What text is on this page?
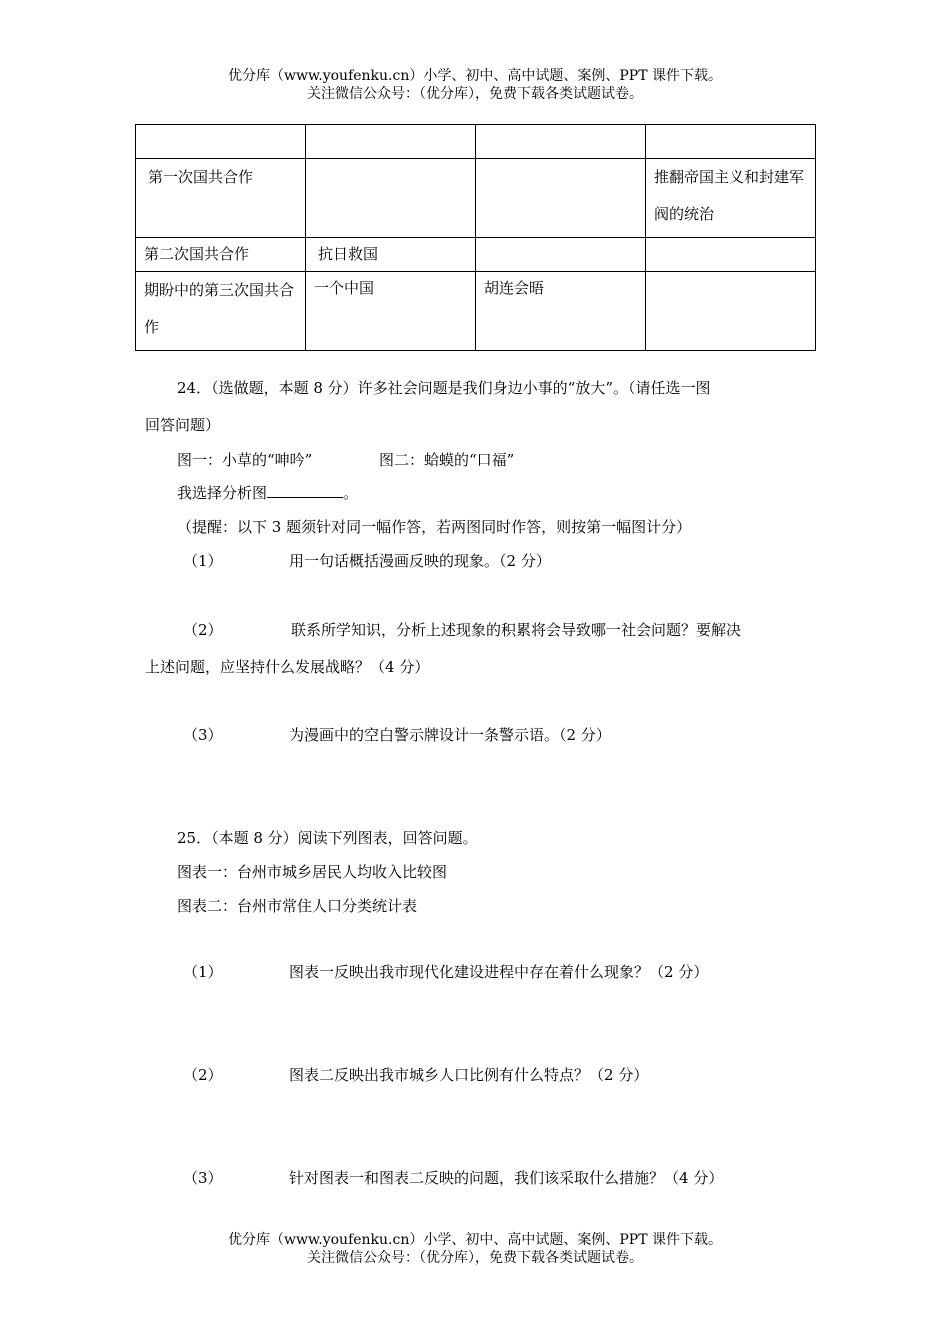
优分库（www.youfenku.cn）小学、初中、高中试题、案例、PPT 课件下载。
关注微信公众号：（优分库），免费下载各类试题试卷。

第一次国共合作			推翻帝国主义和封建军阀的统治
第二次国共合作	抗日救国		
期盼中的第三次国共合作	一个中国	胡连会晤	
24．（选做题，本题 8 分）许多社会问题是我们身边小事的“放大”。（请任选一图
回答问题）
图一：小草的“呻吟”	图二：蛤蟆的“口福”
我选择分析图	。
（提醒：以下 3 题须针对同一幅作答，若两图同时作答，则按第一幅图计分）
（1）	用一句话概括漫画反映的现象。（2 分）
（2）	联系所学知识，分析上述现象的积累将会导致哪一社会问题？要解决
上述问题，应坚持什么发展战略？（4 分）
（3）	为漫画中的空白警示牌设计一条警示语。（2 分）
25．（本题 8 分）阅读下列图表，回答问题。
图表一：台州市城乡居民人均收入比较图
图表二：台州市常住人口分类统计表
（1）	图表一反映出我市现代化建设进程中存在着什么现象？（2 分）
（2）	图表二反映出我市城乡人口比例有什么特点？（2 分）
（3）	针对图表一和图表二反映的问题，我们该采取什么措施？（4 分）
优分库（www.youfenku.cn）小学、初中、高中试题、案例、PPT 课件下载。
关注微信公众号：（优分库），免费下载各类试题试卷。
